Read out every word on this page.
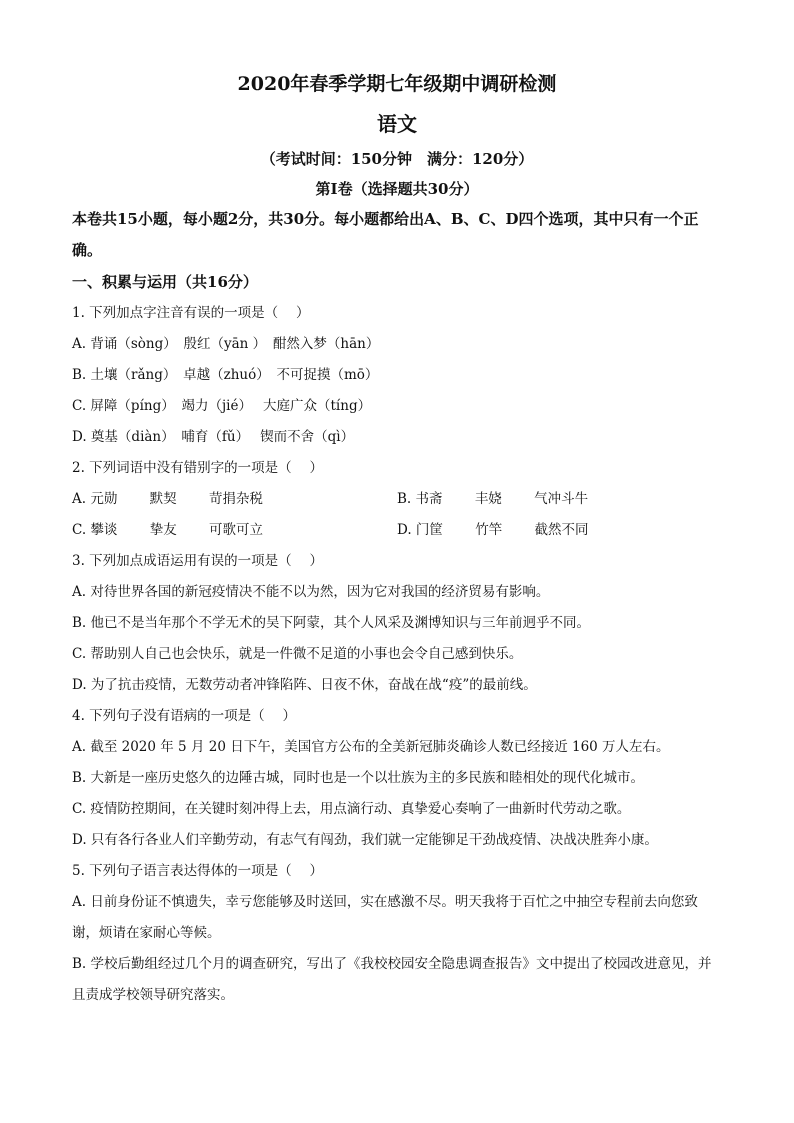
2020年春季学期七年级期中调研检测
语文
（考试时间：150分钟　满分：120分）
第Ⅰ卷（选择题共30分）
本卷共15小题，每小题2分，共30分。每小题都给出A、B、C、D四个选项，其中只有一个正确。
一、积累与运用（共16分）
1. 下列加点字注音有误的一项是（　 ）
A. 背诵（sòng）　殷红（yān ）　酣然入梦（hān）
B. 土壤（rǎng）　卓越（zhuó）　不可捉摸（mō）
C. 屏障（píng）　竭力（jié）　 大庭广众（tíng）
D. 奠基（diàn）　哺育（fǔ）　 锲而不舍（qì）
2. 下列词语中没有错别字的一项是（　 ）
A. 元勋 默契 苛捐杂税	B. 书斋 丰娆 气冲斗牛
C. 攀谈 挚友 可歌可立	D. 门筐 竹竿 截然不同
3. 下列加点成语运用有误的一项是（　 ）
A. 对待世界各国的新冠疫情决不能不以为然，因为它对我国的经济贸易有影响。
B. 他已不是当年那个不学无术的吴下阿蒙，其个人风采及渊博知识与三年前迥乎不同。
C. 帮助别人自己也会快乐，就是一件微不足道的小事也会令自己感到快乐。
D. 为了抗击疫情，无数劳动者冲锋陷阵、日夜不休，奋战在战“疫”的最前线。
4. 下列句子没有语病的一项是（　 ）
A. 截至 2020 年 5 月 20 日下午，美国官方公布的全美新冠肺炎确诊人数已经接近 160 万人左右。
B. 大新是一座历史悠久的边陲古城，同时也是一个以壮族为主的多民族和睦相处的现代化城市。
C. 疫情防控期间，在关键时刻冲得上去，用点滴行动、真挚爱心奏响了一曲新时代劳动之歌。
D. 只有各行各业人们辛勤劳动，有志气有闯劲，我们就一定能铆足干劲战疫情、决战决胜奔小康。
5. 下列句子语言表达得体的一项是（　 ）
A. 日前身份证不慎遗失，幸亏您能够及时送回，实在感激不尽。明天我将于百忙之中抽空专程前去向您致谢，烦请在家耐心等候。
B. 学校后勤组经过几个月的调查研究，写出了《我校校园安全隐患调查报告》文中提出了校园改进意见，并且责成学校领导研究落实。
